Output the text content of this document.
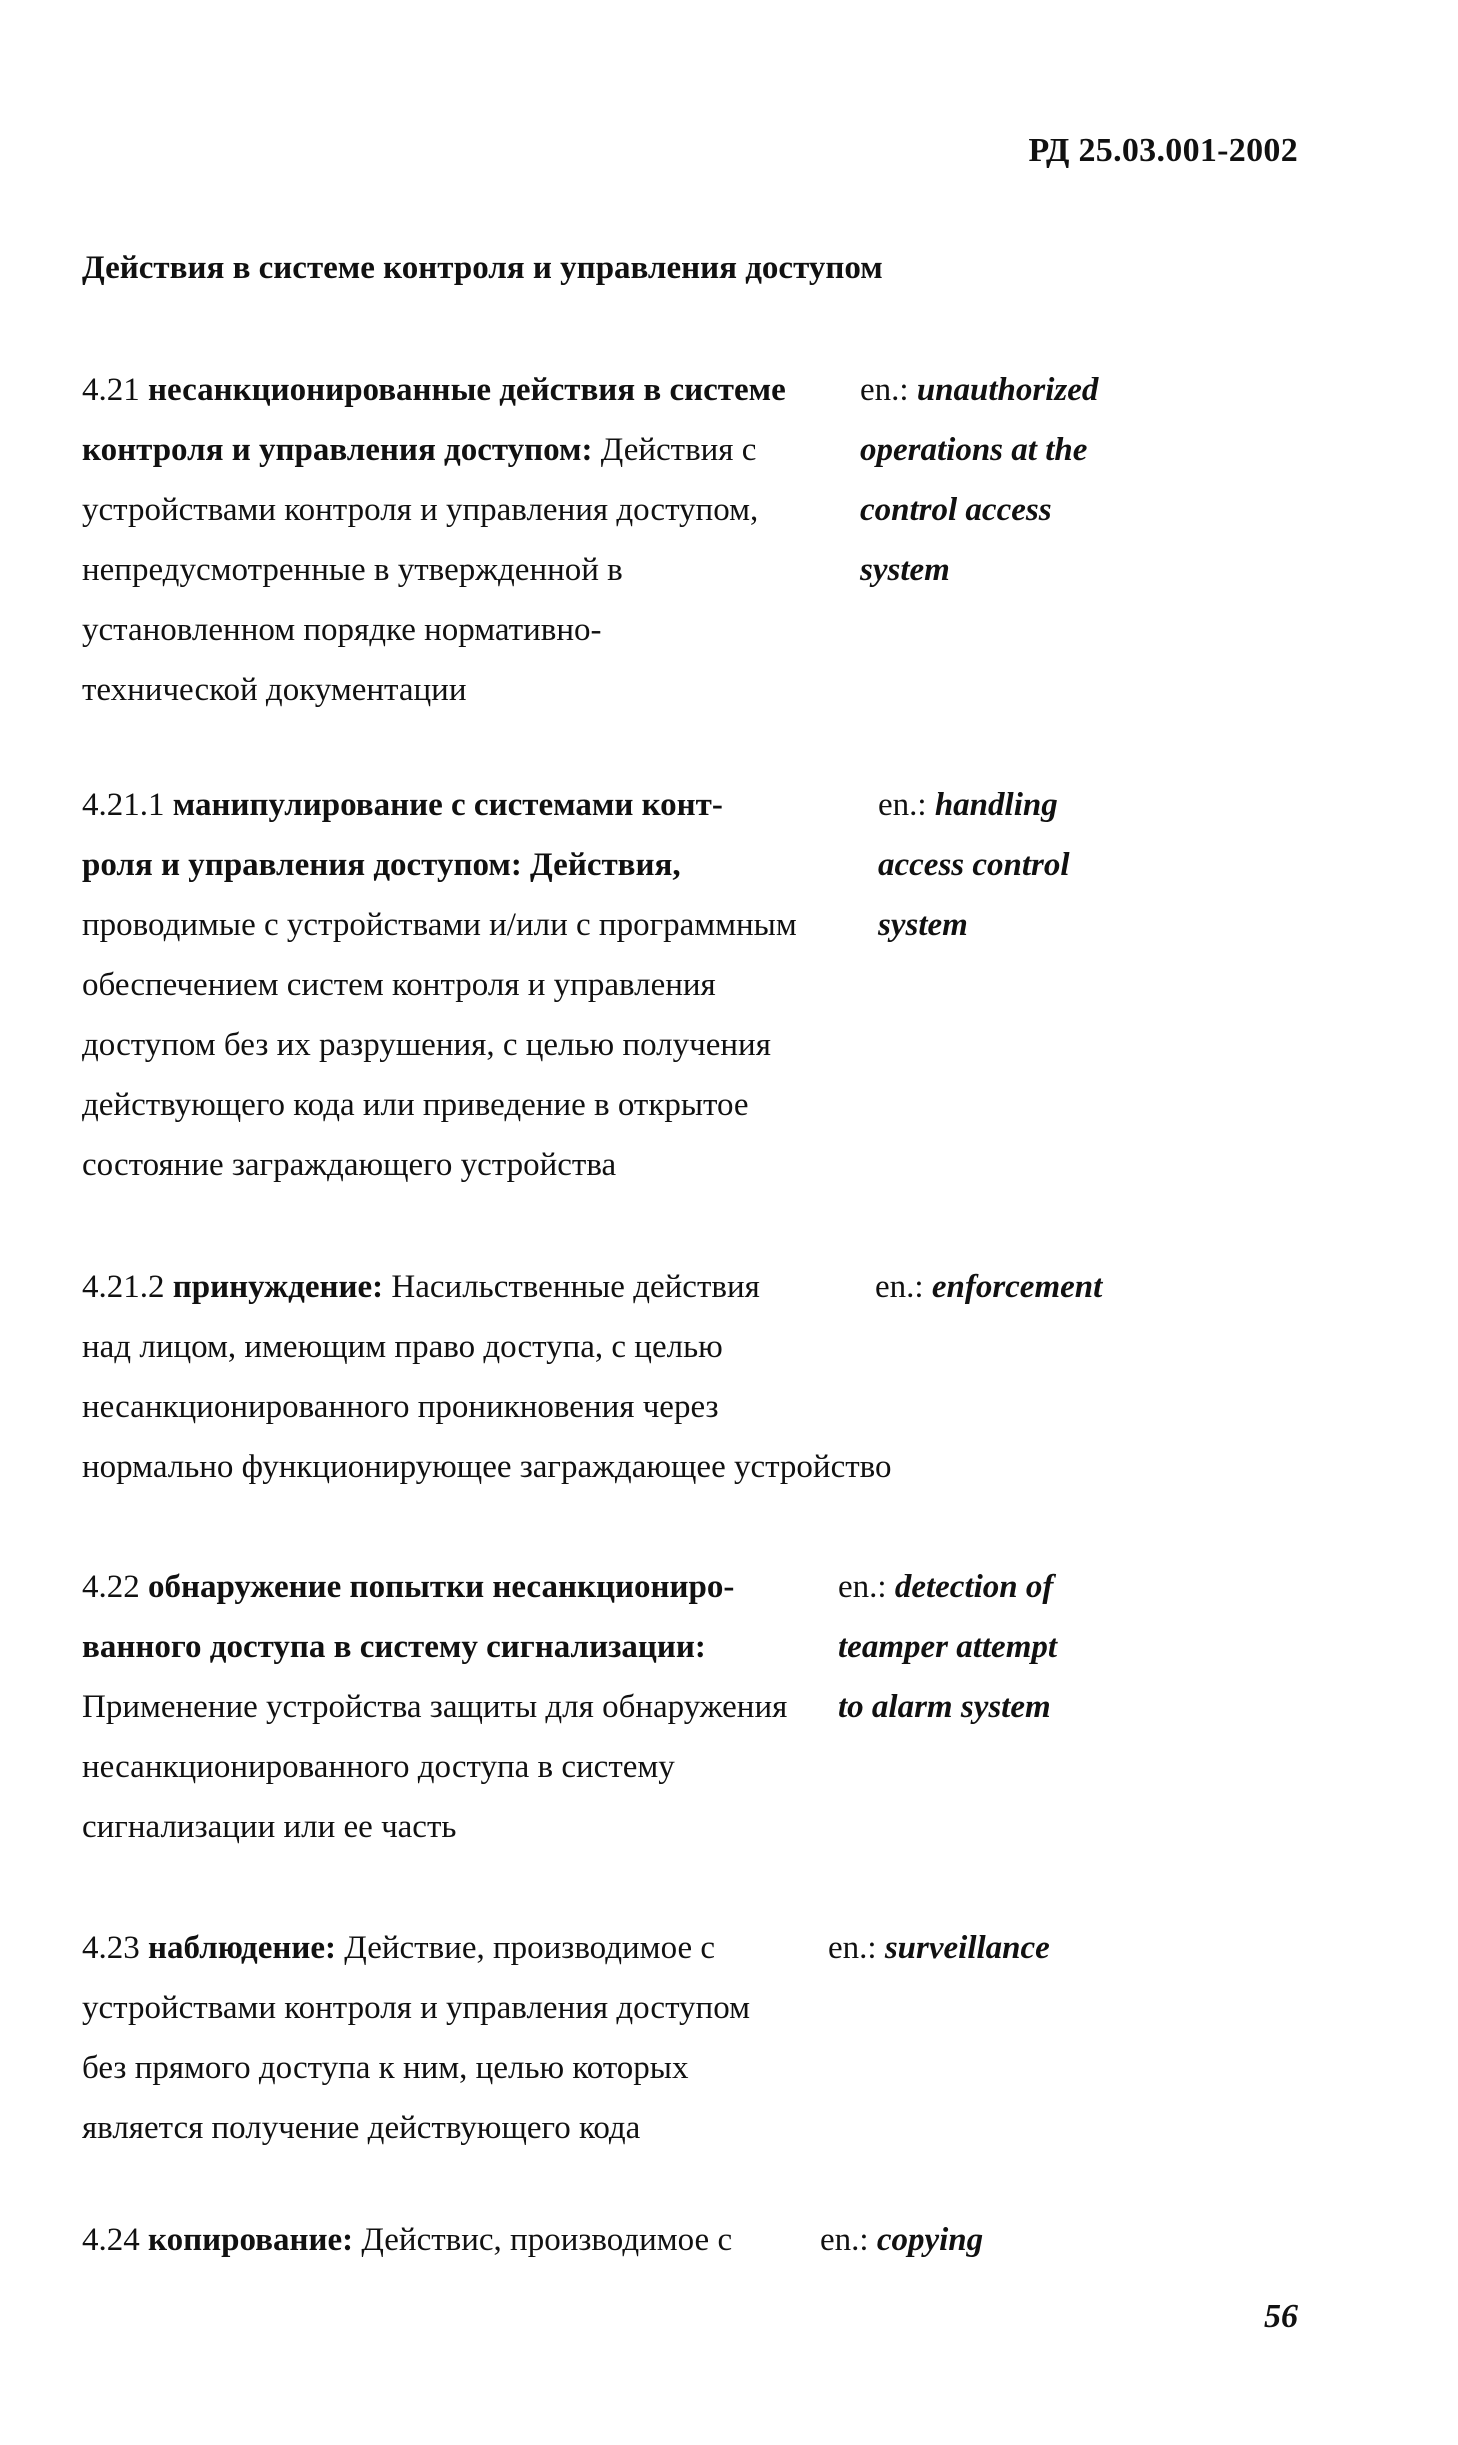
РД 25.03.001-2002
Действия в системе контроля и управления доступом
4.21 несанкционированные действия в системе
контроля и управления доступом: Действия с
устройствами контроля и управления доступом,
непредусмотренные в утвержденной в
установленном порядке нормативно-
технической документации
en.: unauthorized
operations at the
control access
system
4.21.1 манипулирование с системами конт-
роля и управления доступом: Действия,
проводимые с устройствами и/или с программным
обеспечением систем контроля и управления
доступом без их разрушения, с целью получения
действующего кода или приведение в открытое
состояние заграждающего устройства
en.: handling
access control
system
4.21.2 принуждение: Насильственные действия
над лицом, имеющим право доступа, с целью
несанкционированного проникновения через
нормально функционирующее заграждающее устройство
en.: enforcement
4.22 обнаружение попытки несанкциониро-
ванного доступа в систему сигнализации:
Применение устройства защиты для обнаружения
несанкционированного доступа в систему
сигнализации или ее часть
en.: detection of
teamper attempt
to alarm system
4.23 наблюдение: Действие, производимое с
устройствами контроля и управления доступом
без прямого доступа к ним, целью которых
является получение действующего кода
en.: surveillance
4.24 копирование: Действис, производимое с	en.: copying
56
